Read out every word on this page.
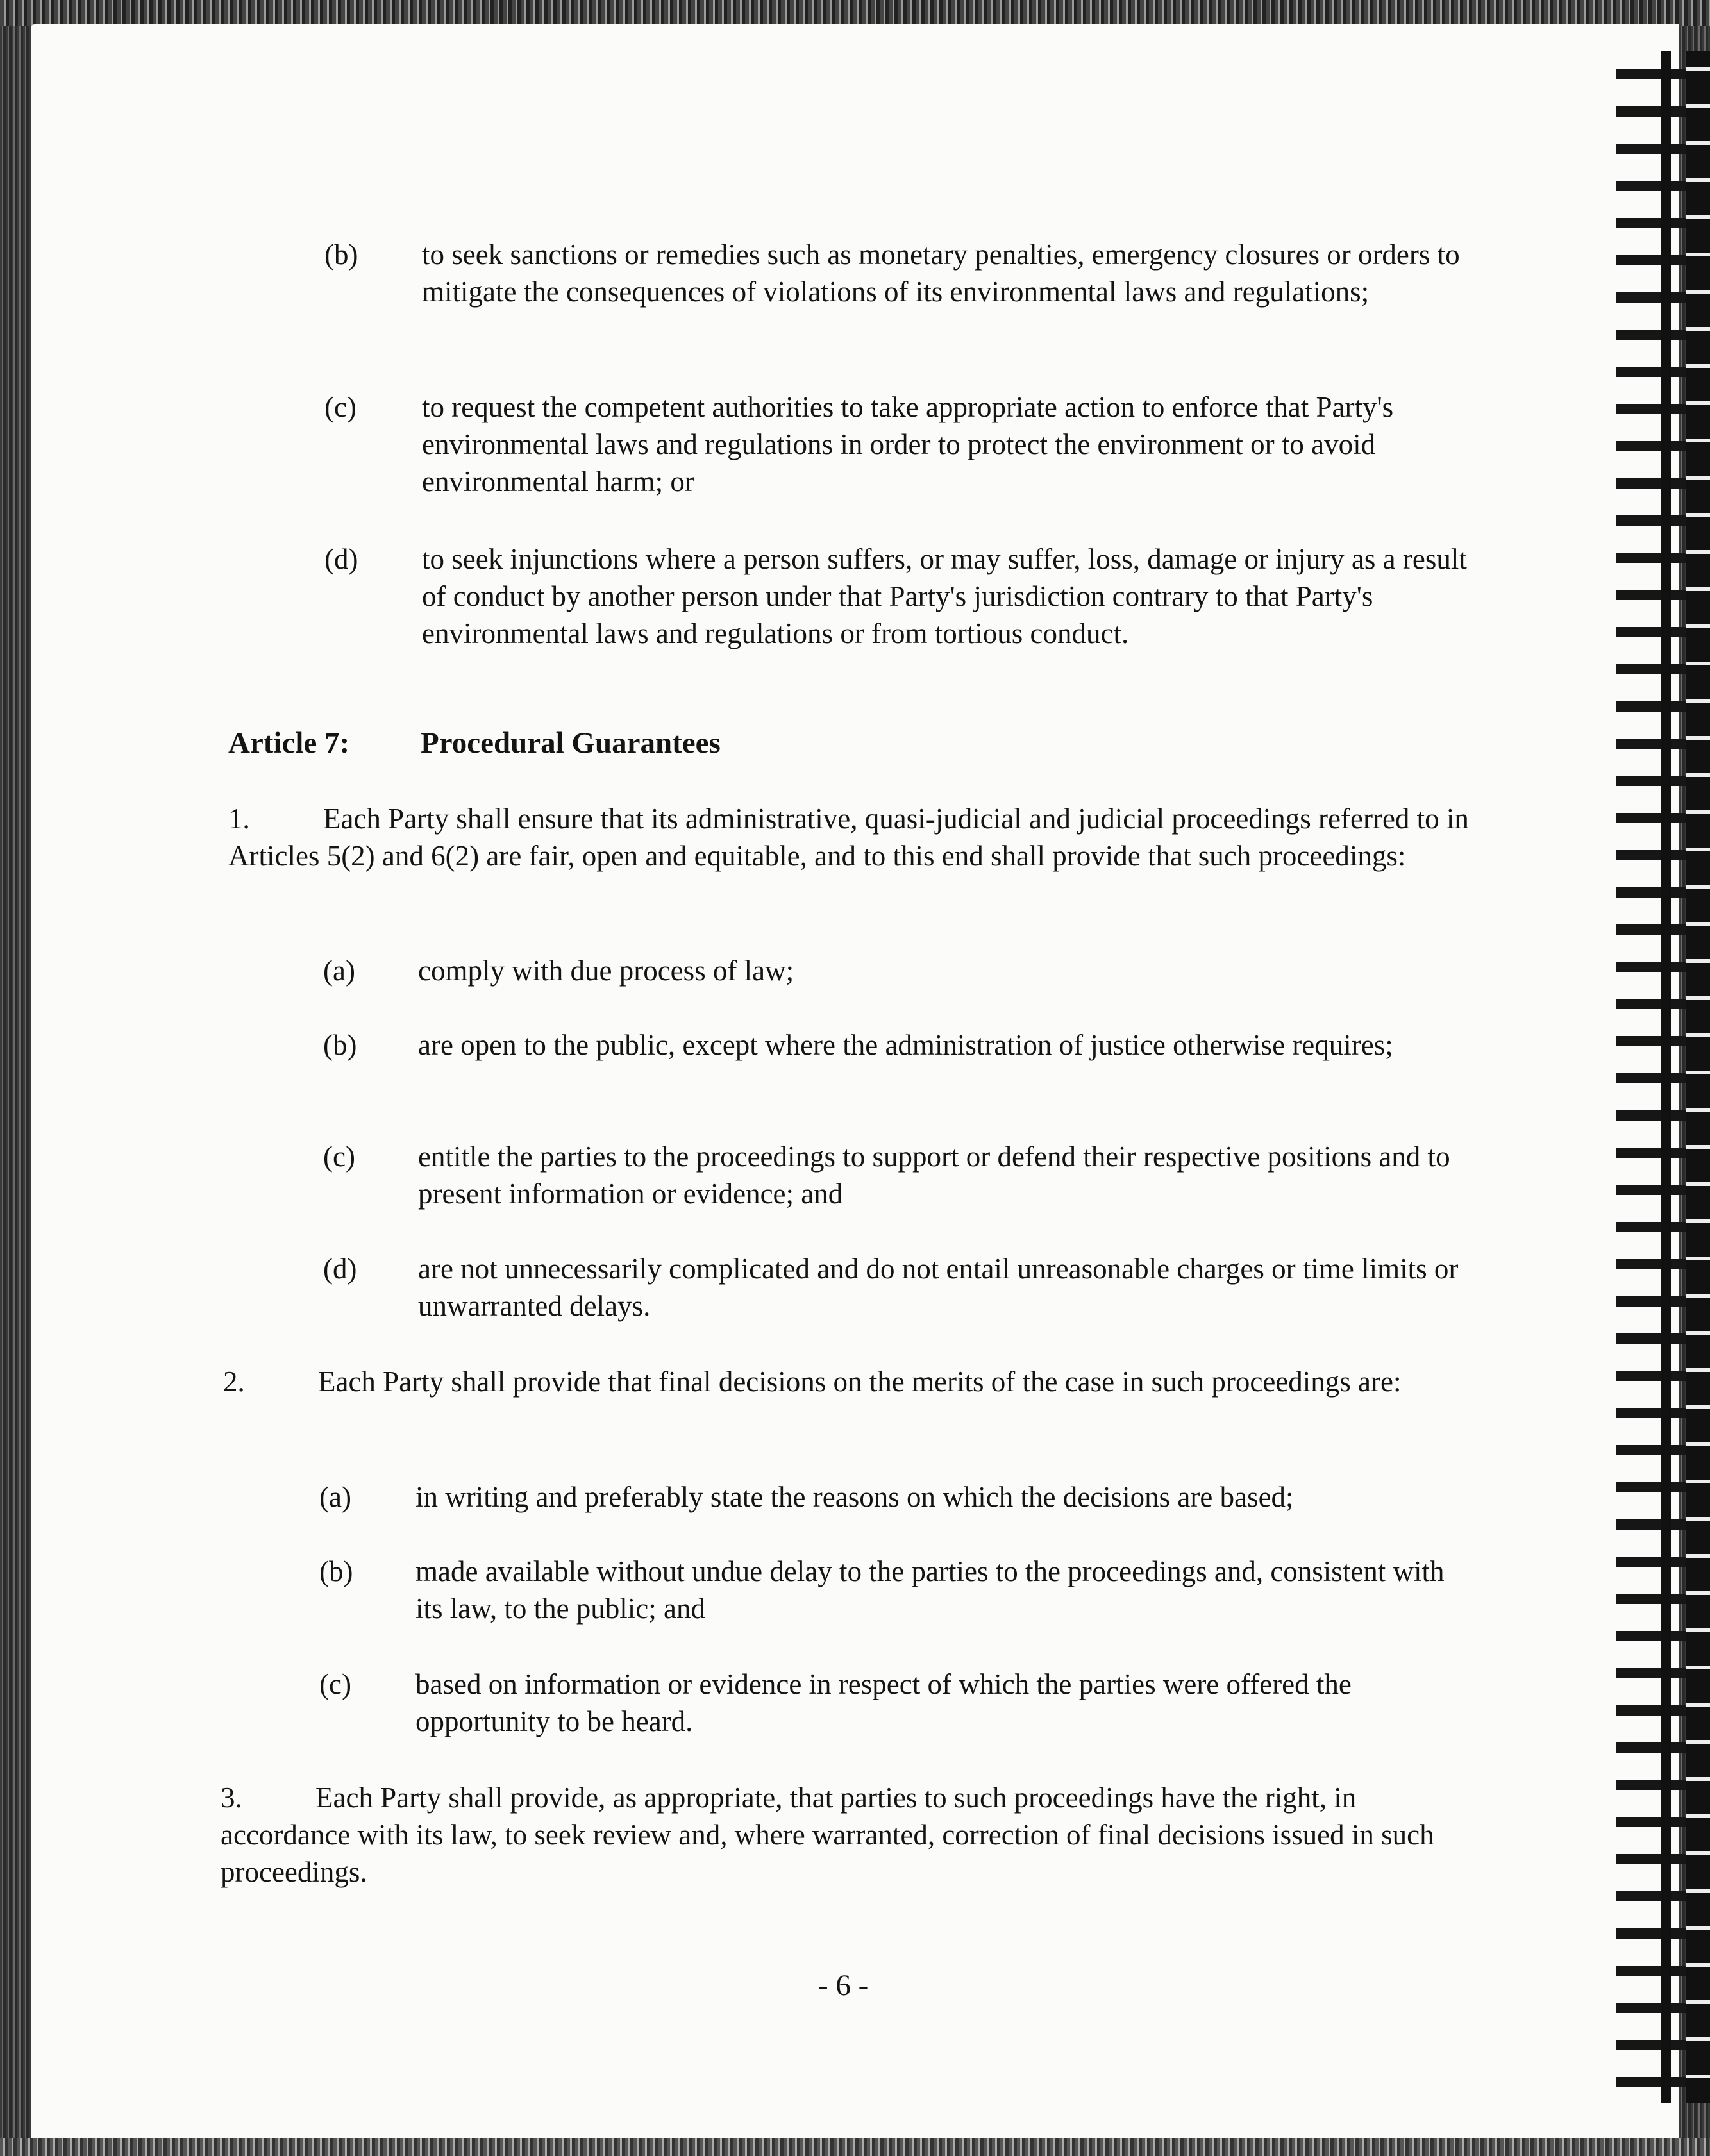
(b) to seek sanctions or remedies such as monetary penalties, emergency closures or orders to mitigate the consequences of violations of its environmental laws and regulations;
(c) to request the competent authorities to take appropriate action to enforce that Party's environmental laws and regulations in order to protect the environment or to avoid environmental harm; or
(d) to seek injunctions where a person suffers, or may suffer, loss, damage or injury as a result of conduct by another person under that Party's jurisdiction contrary to that Party's environmental laws and regulations or from tortious conduct.
Article 7: Procedural Guarantees
1.	Each Party shall ensure that its administrative, quasi-judicial and judicial proceedings referred to in Articles 5(2) and 6(2) are fair, open and equitable, and to this end shall provide that such proceedings:
(a) comply with due process of law;
(b) are open to the public, except where the administration of justice otherwise requires;
(c) entitle the parties to the proceedings to support or defend their respective positions and to present information or evidence; and
(d) are not unnecessarily complicated and do not entail unreasonable charges or time limits or unwarranted delays.
2.	Each Party shall provide that final decisions on the merits of the case in such proceedings are:
(a) in writing and preferably state the reasons on which the decisions are based;
(b) made available without undue delay to the parties to the proceedings and, consistent with its law, to the public; and
(c) based on information or evidence in respect of which the parties were offered the opportunity to be heard.
3.	Each Party shall provide, as appropriate, that parties to such proceedings have the right, in accordance with its law, to seek review and, where warranted, correction of final decisions issued in such proceedings.
- 6 -
